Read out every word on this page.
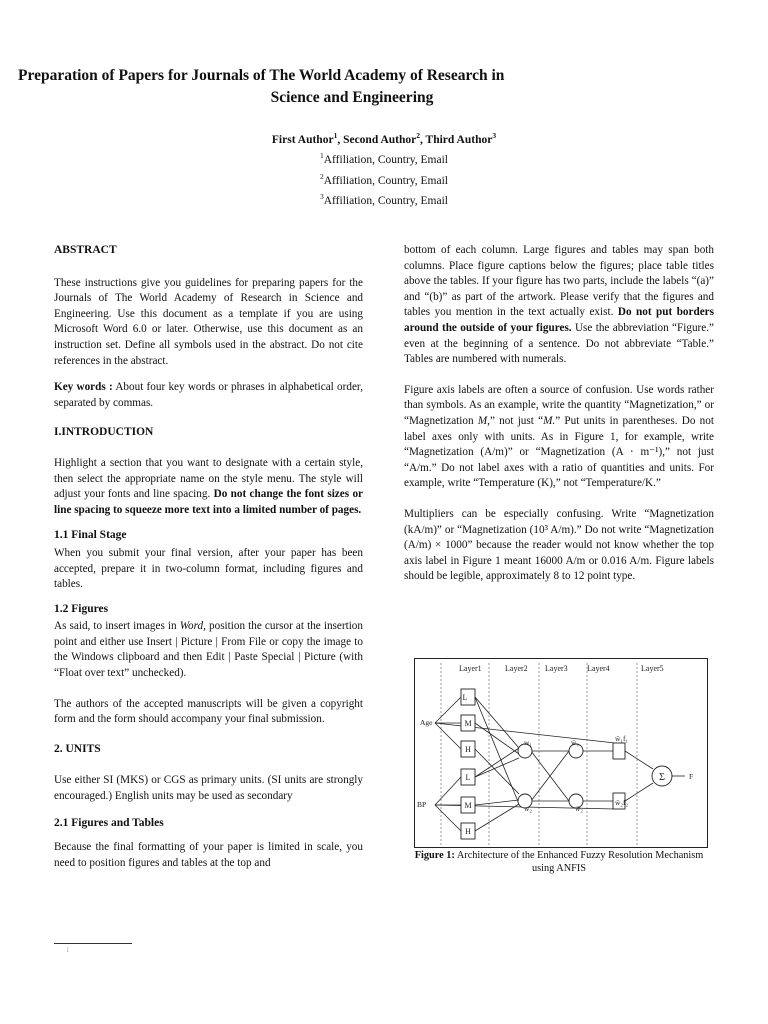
Preparation of Papers for Journals of The World Academy of Research in
Science and Engineering
First Author$^1$, Second Author$^2$, Third Author$^3$
$^1$Affiliation, Country, Email
$^2$Affiliation, Country, Email
$^3$Affiliation, Country, Email
ABSTRACT

These instructions give you guidelines for preparing papers for the Journals of The World Academy of Research in Science and Engineering. Use this document as a template if you are using Microsoft Word 6.0 or later. Otherwise, use this document as an instruction set. Define all symbols used in the abstract. Do not cite references in the abstract.

Key words : About four key words or phrases in alphabetical order, separated by commas.

I.INTRODUCTION

Highlight a section that you want to designate with a certain style, then select the appropriate name on the style menu. The style will adjust your fonts and line spacing. Do not change the font sizes or line spacing to squeeze more text into a limited number of pages.

1.1 Final Stage

When you submit your final version, after your paper has been accepted, prepare it in two-column format, including figures and tables.

1.2 Figures

As said, to insert images in Word, position the cursor at the insertion point and either use Insert | Picture | From File or copy the image to the Windows clipboard and then Edit | Paste Special | Picture (with “Float over text” unchecked).

The authors of the accepted manuscripts will be given a copyright form and the form should accompany your final submission.

2. UNITS

Use either SI (MKS) or CGS as primary units. (SI units are strongly encouraged.) English units may be used as secondary

2.1 Figures and Tables

Because the final formatting of your paper is limited in scale, you need to position figures and tables at the top and

1

bottom of each column. Large figures and tables may span both columns. Place figure captions below the figures; place table titles above the tables. If your figure has two parts, include the labels “(a)” and “(b)” as part of the artwork. Please verify that the figures and tables you mention in the text actually exist. Do not put borders around the outside of your figures. Use the abbreviation “Figure.” even at the beginning of a sentence. Do not abbreviate “Table.” Tables are numbered with numerals.

Figure axis labels are often a source of confusion. Use words rather than symbols. As an example, write the quantity “Magnetization,” or “Magnetization M,” not just “M.” Put units in parentheses. Do not label axes only with units. As in Figure 1, for example, write “Magnetization (A/m)” or “Magnetization (A ⋅ m⁻¹),” not just “A/m.” Do not label axes with a ratio of quantities and units. For example, write “Temperature (K),” not “Temperature/K.”

Multipliers can be especially confusing. Write “Magnetization (kA/m)” or “Magnetization (10³ A/m).” Do not write “Magnetization (A/m) × 1000” because the reader would not know whether the top axis label in Figure 1 meant 16000 A/m or 0.016 A/m. Figure labels should be legible, approximately 8 to 12 point type.

Layer1	Layer2 Layer3 Layer4	Layer5
L
M
H
L
M
H
Σ
Age
BP
w₁
w₂
w̄₁
w̄₂
w̄₁f₁
w̄₂f₂
F
Figure 1: Architecture of the Enhanced Fuzzy Resolution Mechanism using ANFIS
